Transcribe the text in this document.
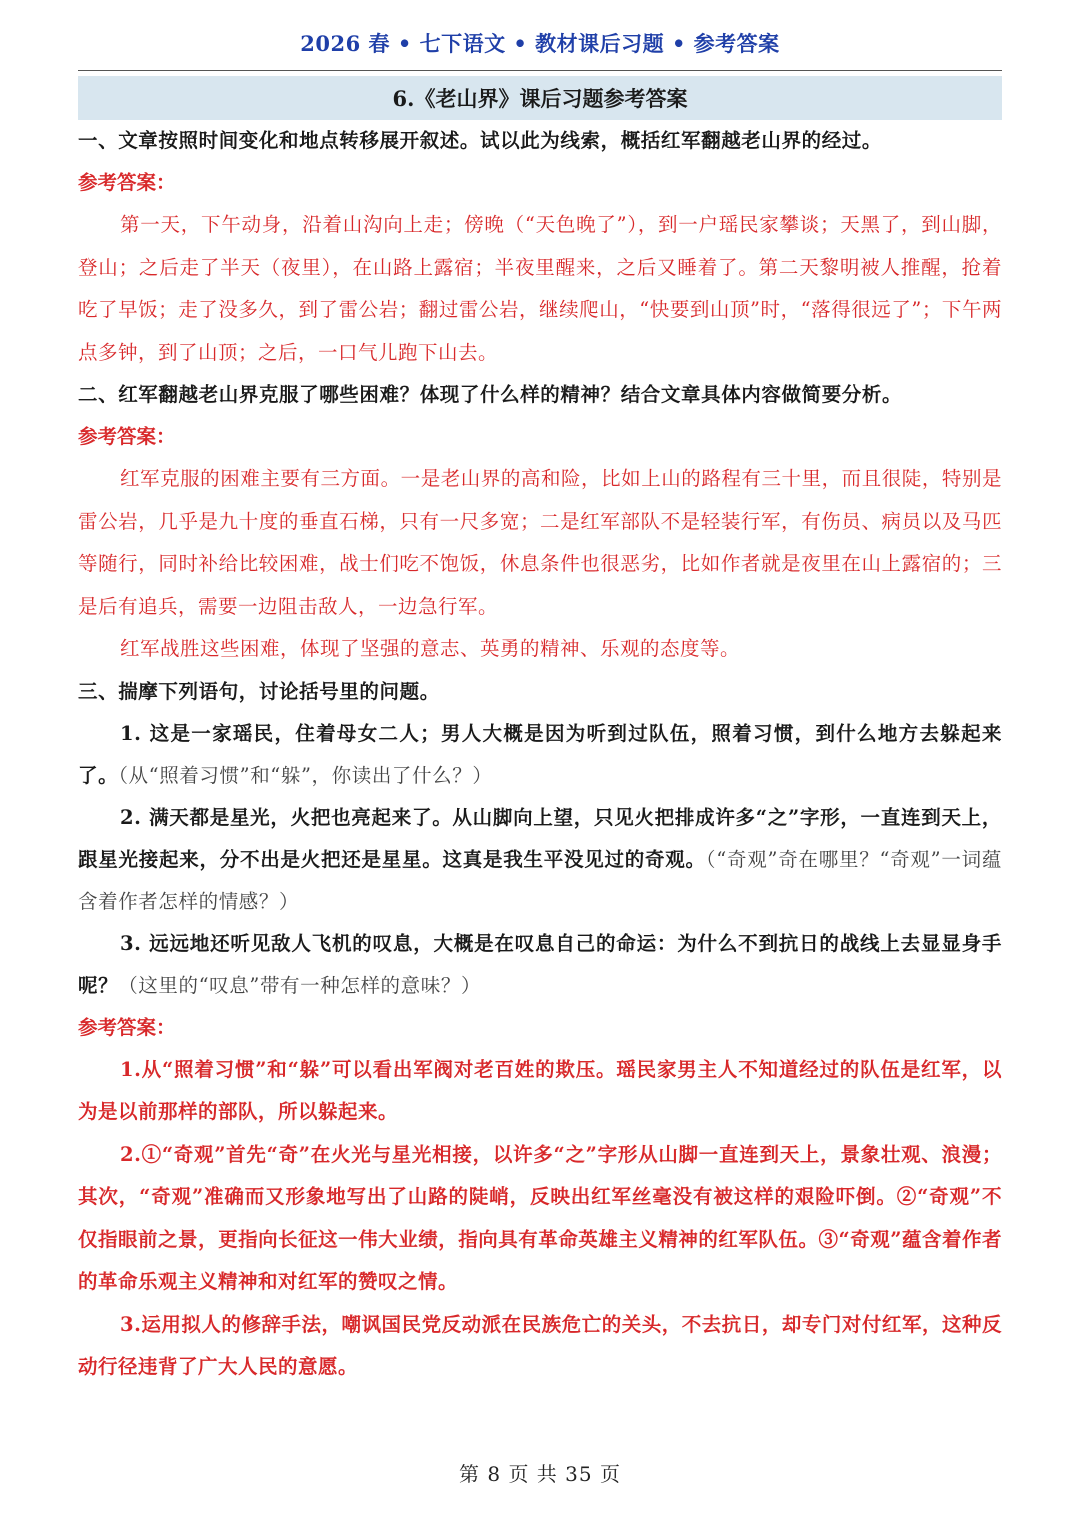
2026 春 • 七下语文 • 教材课后习题 • 参考答案
6.《老山界》课后习题参考答案

一、文章按照时间变化和地点转移展开叙述。试以此为线索，概括红军翻越老山界的经过。

参考答案：

第一天，下午动身，沿着山沟向上走；傍晚（“天色晚了”），到一户瑶民家攀谈；天黑了，到山脚，登山；之后走了半天（夜里），在山路上露宿；半夜里醒来，之后又睡着了。第二天黎明被人推醒，抢着吃了早饭；走了没多久，到了雷公岩；翻过雷公岩，继续爬山，“快要到山顶”时，“落得很远了”；下午两点多钟，到了山顶；之后，一口气儿跑下山去。

二、红军翻越老山界克服了哪些困难？体现了什么样的精神？结合文章具体内容做简要分析。

参考答案：

红军克服的困难主要有三方面。一是老山界的高和险，比如上山的路程有三十里，而且很陡，特别是雷公岩，几乎是九十度的垂直石梯，只有一尺多宽；二是红军部队不是轻装行军，有伤员、病员以及马匹等随行，同时补给比较困难，战士们吃不饱饭，休息条件也很恶劣，比如作者就是夜里在山上露宿的；三是后有追兵，需要一边阻击敌人，一边急行军。

红军战胜这些困难，体现了坚强的意志、英勇的精神、乐观的态度等。

三、揣摩下列语句，讨论括号里的问题。

1. 这是一家瑶民，住着母女二人；男人大概是因为听到过队伍，照着习惯，到什么地方去躲起来了。（从“照着习惯”和“躲”，你读出了什么？）

2. 满天都是星光，火把也亮起来了。从山脚向上望，只见火把排成许多“之”字形，一直连到天上，跟星光接起来，分不出是火把还是星星。这真是我生平没见过的奇观。（“奇观”奇在哪里？“奇观”一词蕴含着作者怎样的情感？）

3. 远远地还听见敌人飞机的叹息，大概是在叹息自己的命运：为什么不到抗日的战线上去显显身手呢？（这里的“叹息”带有一种怎样的意味？）

参考答案：

1.从“照着习惯”和“躲”可以看出军阀对老百姓的欺压。瑶民家男主人不知道经过的队伍是红军，以为是以前那样的部队，所以躲起来。

2.①“奇观”首先“奇”在火光与星光相接，以许多“之”字形从山脚一直连到天上，景象壮观、浪漫；其次，“奇观”准确而又形象地写出了山路的陡峭，反映出红军丝毫没有被这样的艰险吓倒。②“奇观”不仅指眼前之景，更指向长征这一伟大业绩，指向具有革命英雄主义精神的红军队伍。③“奇观”蕴含着作者的革命乐观主义精神和对红军的赞叹之情。

3.运用拟人的修辞手法，嘲讽国民党反动派在民族危亡的关头，不去抗日，却专门对付红军，这种反动行径违背了广大人民的意愿。

第 8 页 共 35 页
